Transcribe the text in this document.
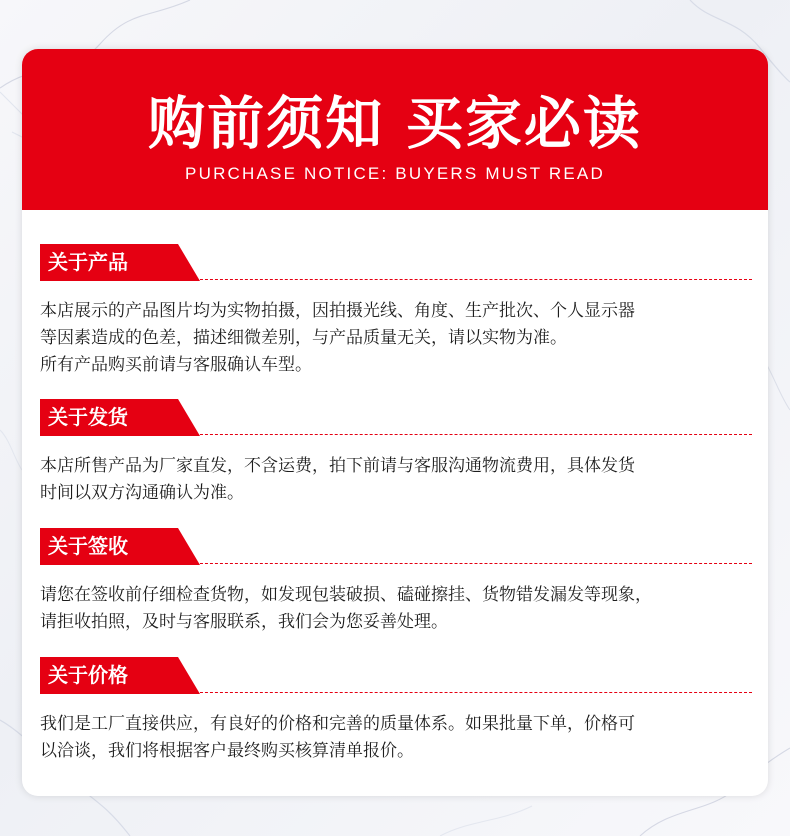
购前须知 买家必读
PURCHASE NOTICE: BUYERS MUST READ
关于产品

本店展示的产品图片均为实物拍摄，因拍摄光线、角度、生产批次、个人显示器

等因素造成的色差，描述细微差别，与产品质量无关，请以实物为准。

所有产品购买前请与客服确认车型。

关于发货

本店所售产品为厂家直发，不含运费，拍下前请与客服沟通物流费用，具体发货

时间以双方沟通确认为准。

关于签收

请您在签收前仔细检查货物，如发现包装破损、磕碰擦挂、货物错发漏发等现象，

请拒收拍照，及时与客服联系，我们会为您妥善处理。

关于价格

我们是工厂直接供应，有良好的价格和完善的质量体系。如果批量下单，价格可

以洽谈，我们将根据客户最终购买核算清单报价。
